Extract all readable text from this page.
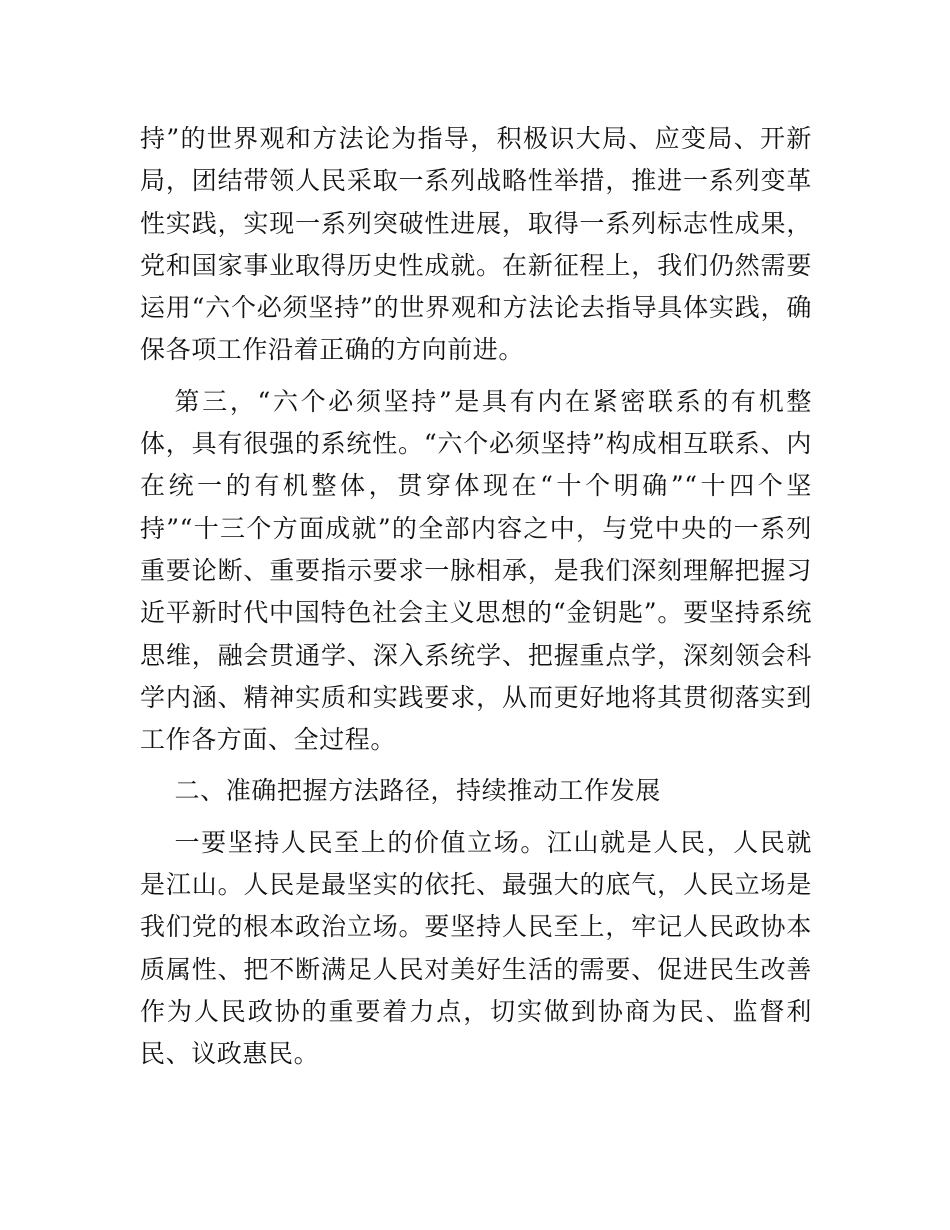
持”的世界观和方法论为指导，积极识大局、应变局、开新局，团结带领人民采取一系列战略性举措，推进一系列变革性实践，实现一系列突破性进展，取得一系列标志性成果，党和国家事业取得历史性成就。在新征程上，我们仍然需要运用“六个必须坚持”的世界观和方法论去指导具体实践，确保各项工作沿着正确的方向前进。

第三，“六个必须坚持”是具有内在紧密联系的有机整体，具有很强的系统性。“六个必须坚持”构成相互联系、内在统一的有机整体，贯穿体现在“十个明确”“十四个坚持”“十三个方面成就”的全部内容之中，与党中央的一系列重要论断、重要指示要求一脉相承，是我们深刻理解把握习近平新时代中国特色社会主义思想的“金钥匙”。要坚持系统思维，融会贯通学、深入系统学、把握重点学，深刻领会科学内涵、精神实质和实践要求，从而更好地将其贯彻落实到工作各方面、全过程。

二、准确把握方法路径，持续推动工作发展

一要坚持人民至上的价值立场。江山就是人民，人民就是江山。人民是最坚实的依托、最强大的底气，人民立场是我们党的根本政治立场。要坚持人民至上，牢记人民政协本质属性、把不断满足人民对美好生活的需要、促进民生改善作为人民政协的重要着力点，切实做到协商为民、监督利民、议政惠民。
